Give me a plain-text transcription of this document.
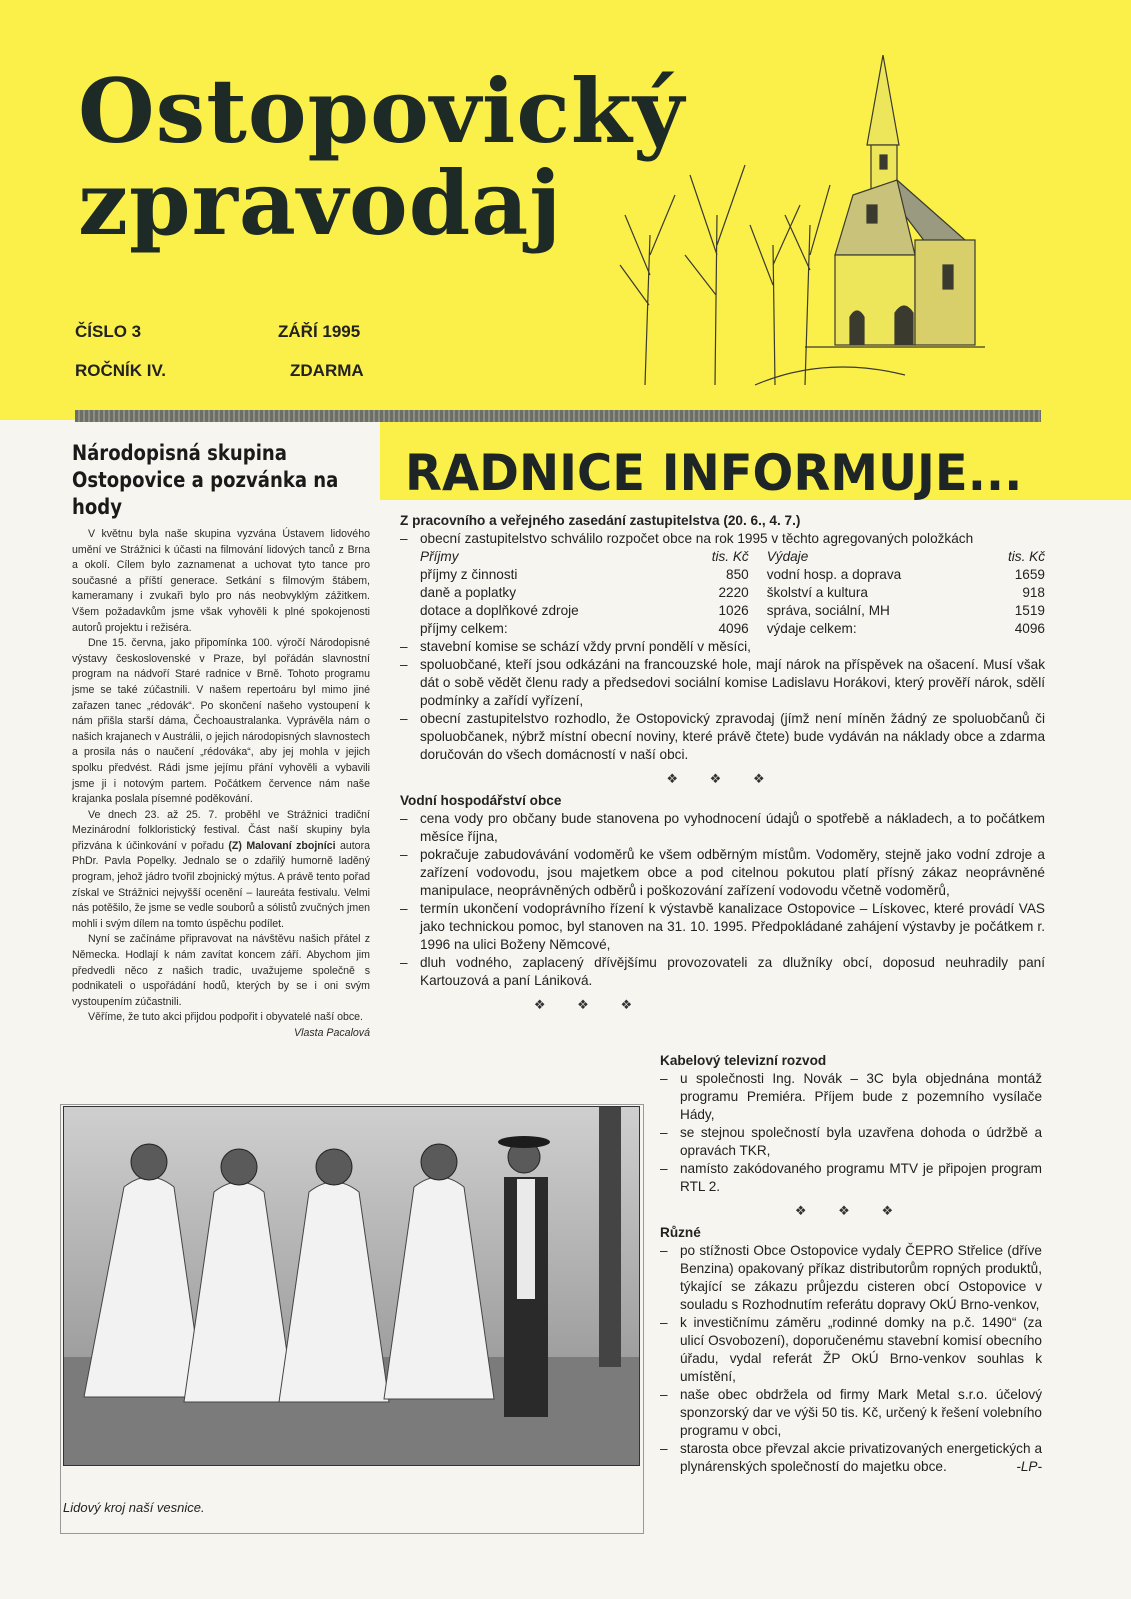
Ostopovický
zpravodaj
ČÍSLO 3	ZÁŘÍ 1995
ROČNÍK IV.	ZDARMA
Národopisná skupina
Ostopovice a pozvánka na hody

V květnu byla naše skupina vyzvána Ústavem lidového umění ve Strážnici k účasti na filmování lidových tanců z Brna a okolí. Cílem bylo zaznamenat a uchovat tyto tance pro současné a příští generace. Setkání s filmovým štábem, kameramany i zvukaři bylo pro nás neobvyklým zážitkem. Všem požadavkům jsme však vyhověli k plné spokojenosti autorů projektu i režiséra.

Dne 15. června, jako připomínka 100. výročí Národopisné výstavy československé v Praze, byl pořádán slavnostní program na nádvoří Staré radnice v Brně. Tohoto programu jsme se také zúčastnili. V našem repertoáru byl mimo jiné zařazen tanec „rédovák“. Po skončení našeho vystoupení k nám přišla starší dáma, Čechoaustralanka. Vyprávěla nám o našich krajanech v Austrálii, o jejich národopisných slavnostech a prosila nás o naučení „rédováka“, aby jej mohla v jejich spolku předvést. Rádi jsme jejímu přání vyhověli a vybavili jsme ji i notovým partem. Počátkem července nám naše krajanka poslala písemné poděkování.

Ve dnech 23. až 25. 7. proběhl ve Strážnici tradiční Mezinárodní folkloristický festival. Část naší skupiny byla přizvána k účinkování v pořadu (Z) Malovaní zbojníci autora PhDr. Pavla Popelky. Jednalo se o zdařilý humorně laděný program, jehož jádro tvořil zbojnický mýtus. A právě tento pořad získal ve Strážnici nejvyšší ocenění – laureáta festivalu. Velmi nás potěšilo, že jsme se vedle souborů a sólistů zvučných jmen mohli i svým dílem na tomto úspěchu podílet.

Nyní se začínáme připravovat na návštěvu našich přátel z Německa. Hodlají k nám zavítat koncem září. Abychom jim předvedli něco z našich tradic, uvažujeme společně s podnikateli o uspořádání hodů, kterých by se i oni svým vystoupením zúčastnili.

Věříme, že tuto akci přijdou podpořit i obyvatelé naší obce.
Vlasta Pacalová

RADNICE INFORMUJE...
Z pracovního a veřejného zasedání zastupitelstva (20. 6., 4. 7.)
– obecní zastupitelstvo schválilo rozpočet obce na rok 1995 v těchto agregovaných položkách
Příjmy	tis. Kč	Výdaje	tis. Kč
příjmy z činnosti	850	vodní hosp. a doprava	1659
daně a poplatky	2220	školství a kultura	918
dotace a doplňkové zdroje	1026	správa, sociální, MH	1519
příjmy celkem:	4096	výdaje celkem:	4096
– stavební komise se schází vždy první pondělí v měsíci,
– spoluobčané, kteří jsou odkázáni na francouzské hole, mají nárok na příspěvek na ošacení. Musí však dát o sobě vědět členu rady a předsedovi sociální komise Ladislavu Horákovi, který prověří nárok, sdělí podmínky a zařídí vyřízení,
– obecní zastupitelstvo rozhodlo, že Ostopovický zpravodaj (jímž není míněn žádný ze spoluobčanů či spoluobčanek, nýbrž místní obecní noviny, které právě čtete) bude vydáván na náklady obce a zdarma doručován do všech domácností v naší obci.
❖ ❖ ❖
Vodní hospodářství obce
– cena vody pro občany bude stanovena po vyhodnocení údajů o spotřebě a nákladech, a to počátkem měsíce října,
– pokračuje zabudovávání vodoměrů ke všem odběrným místům. Vodoměry, stejně jako vodní zdroje a zařízení vodovodu, jsou majetkem obce a pod citelnou pokutou platí přísný zákaz neoprávněné manipulace, neoprávněných odběrů i poškozování zařízení vodovodu včetně vodoměrů,
– termín ukončení vodoprávního řízení k výstavbě kanalizace Ostopovice – Lískovec, které provádí VAS jako technickou pomoc, byl stanoven na 31. 10. 1995. Předpokládané zahájení výstavby je počátkem r. 1996 na ulici Boženy Němcové,
– dluh vodného, zaplacený dřívějšímu provozovateli za dlužníky obcí, doposud neuhradily paní Kartouzová a paní Lániková.
❖ ❖ ❖
Kabelový televizní rozvod
– u společnosti Ing. Novák – 3C byla objednána montáž programu Premiéra. Příjem bude z pozemního vysílače Hády,
– se stejnou společností byla uzavřena dohoda o údržbě a opravách TKR,
– namísto zakódovaného programu MTV je připojen program RTL 2.
❖ ❖ ❖
Různé
– po stížnosti Obce Ostopovice vydaly ČEPRO Střelice (dříve Benzina) opakovaný příkaz distributorům ropných produktů, týkající se zákazu průjezdu cisteren obcí Ostopovice v souladu s Rozhodnutím referátu dopravy OkÚ Brno-venkov,
– k investičnímu záměru „rodinné domky na p.č. 1490“ (za ulicí Osvobození), doporučenému stavební komisí obecního úřadu, vydal referát ŽP OkÚ Brno-venkov souhlas k umístění,
– naše obec obdržela od firmy Mark Metal s.r.o. účelový sponzorský dar ve výši 50 tis. Kč, určený k řešení volebního programu v obci,
– starosta obce převzal akcie privatizovaných energetických a plynárenských společností do majetku obce.	-LP-
Lidový kroj naší vesnice.
